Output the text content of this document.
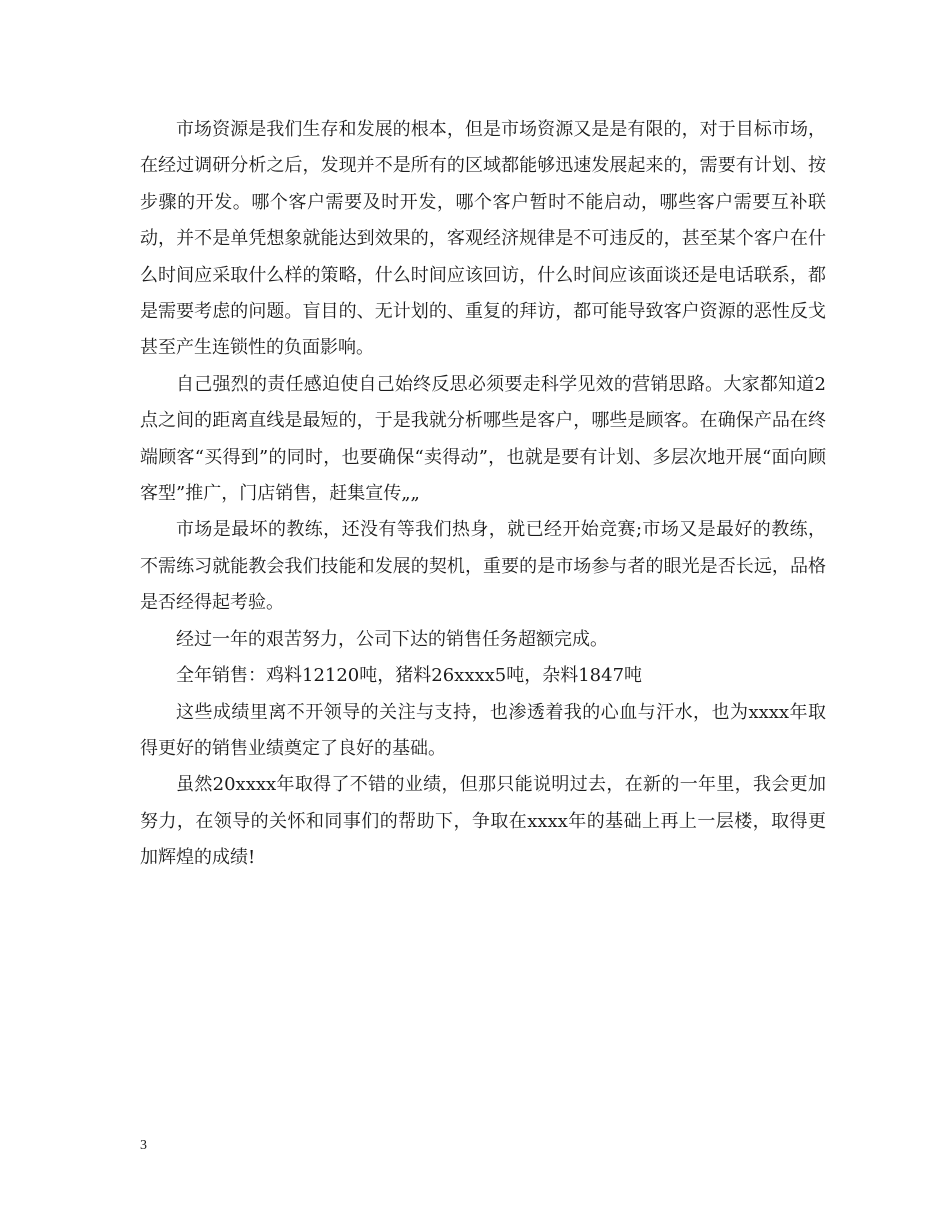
市场资源是我们生存和发展的根本，但是市场资源又是是有限的，对于目标市场，在经过调研分析之后，发现并不是所有的区域都能够迅速发展起来的，需要有计划、按步骤的开发。哪个客户需要及时开发，哪个客户暂时不能启动，哪些客户需要互补联动，并不是单凭想象就能达到效果的，客观经济规律是不可违反的，甚至某个客户在什么时间应采取什么样的策略，什么时间应该回访，什么时间应该面谈还是电话联系，都是需要考虑的问题。盲目的、无计划的、重复的拜访，都可能导致客户资源的恶性反戈甚至产生连锁性的负面影响。

自己强烈的责任感迫使自己始终反思必须要走科学见效的营销思路。大家都知道2点之间的距离直线是最短的，于是我就分析哪些是客户，哪些是顾客。在确保产品在终端顾客“买得到”的同时，也要确保“卖得动”，也就是要有计划、多层次地开展“面向顾客型”推广，门店销售，赶集宣传„„

市场是最坏的教练，还没有等我们热身，就已经开始竞赛;市场又是最好的教练，不需练习就能教会我们技能和发展的契机，重要的是市场参与者的眼光是否长远，品格是否经得起考验。

经过一年的艰苦努力，公司下达的销售任务超额完成。

全年销售：鸡料12120吨，猪料26xxxx5吨，杂料1847吨

这些成绩里离不开领导的关注与支持，也渗透着我的心血与汗水，也为xxxx年取得更好的销售业绩奠定了良好的基础。

虽然20xxxx年取得了不错的业绩，但那只能说明过去，在新的一年里，我会更加努力，在领导的关怀和同事们的帮助下，争取在xxxx年的基础上再上一层楼，取得更加辉煌的成绩!

3
